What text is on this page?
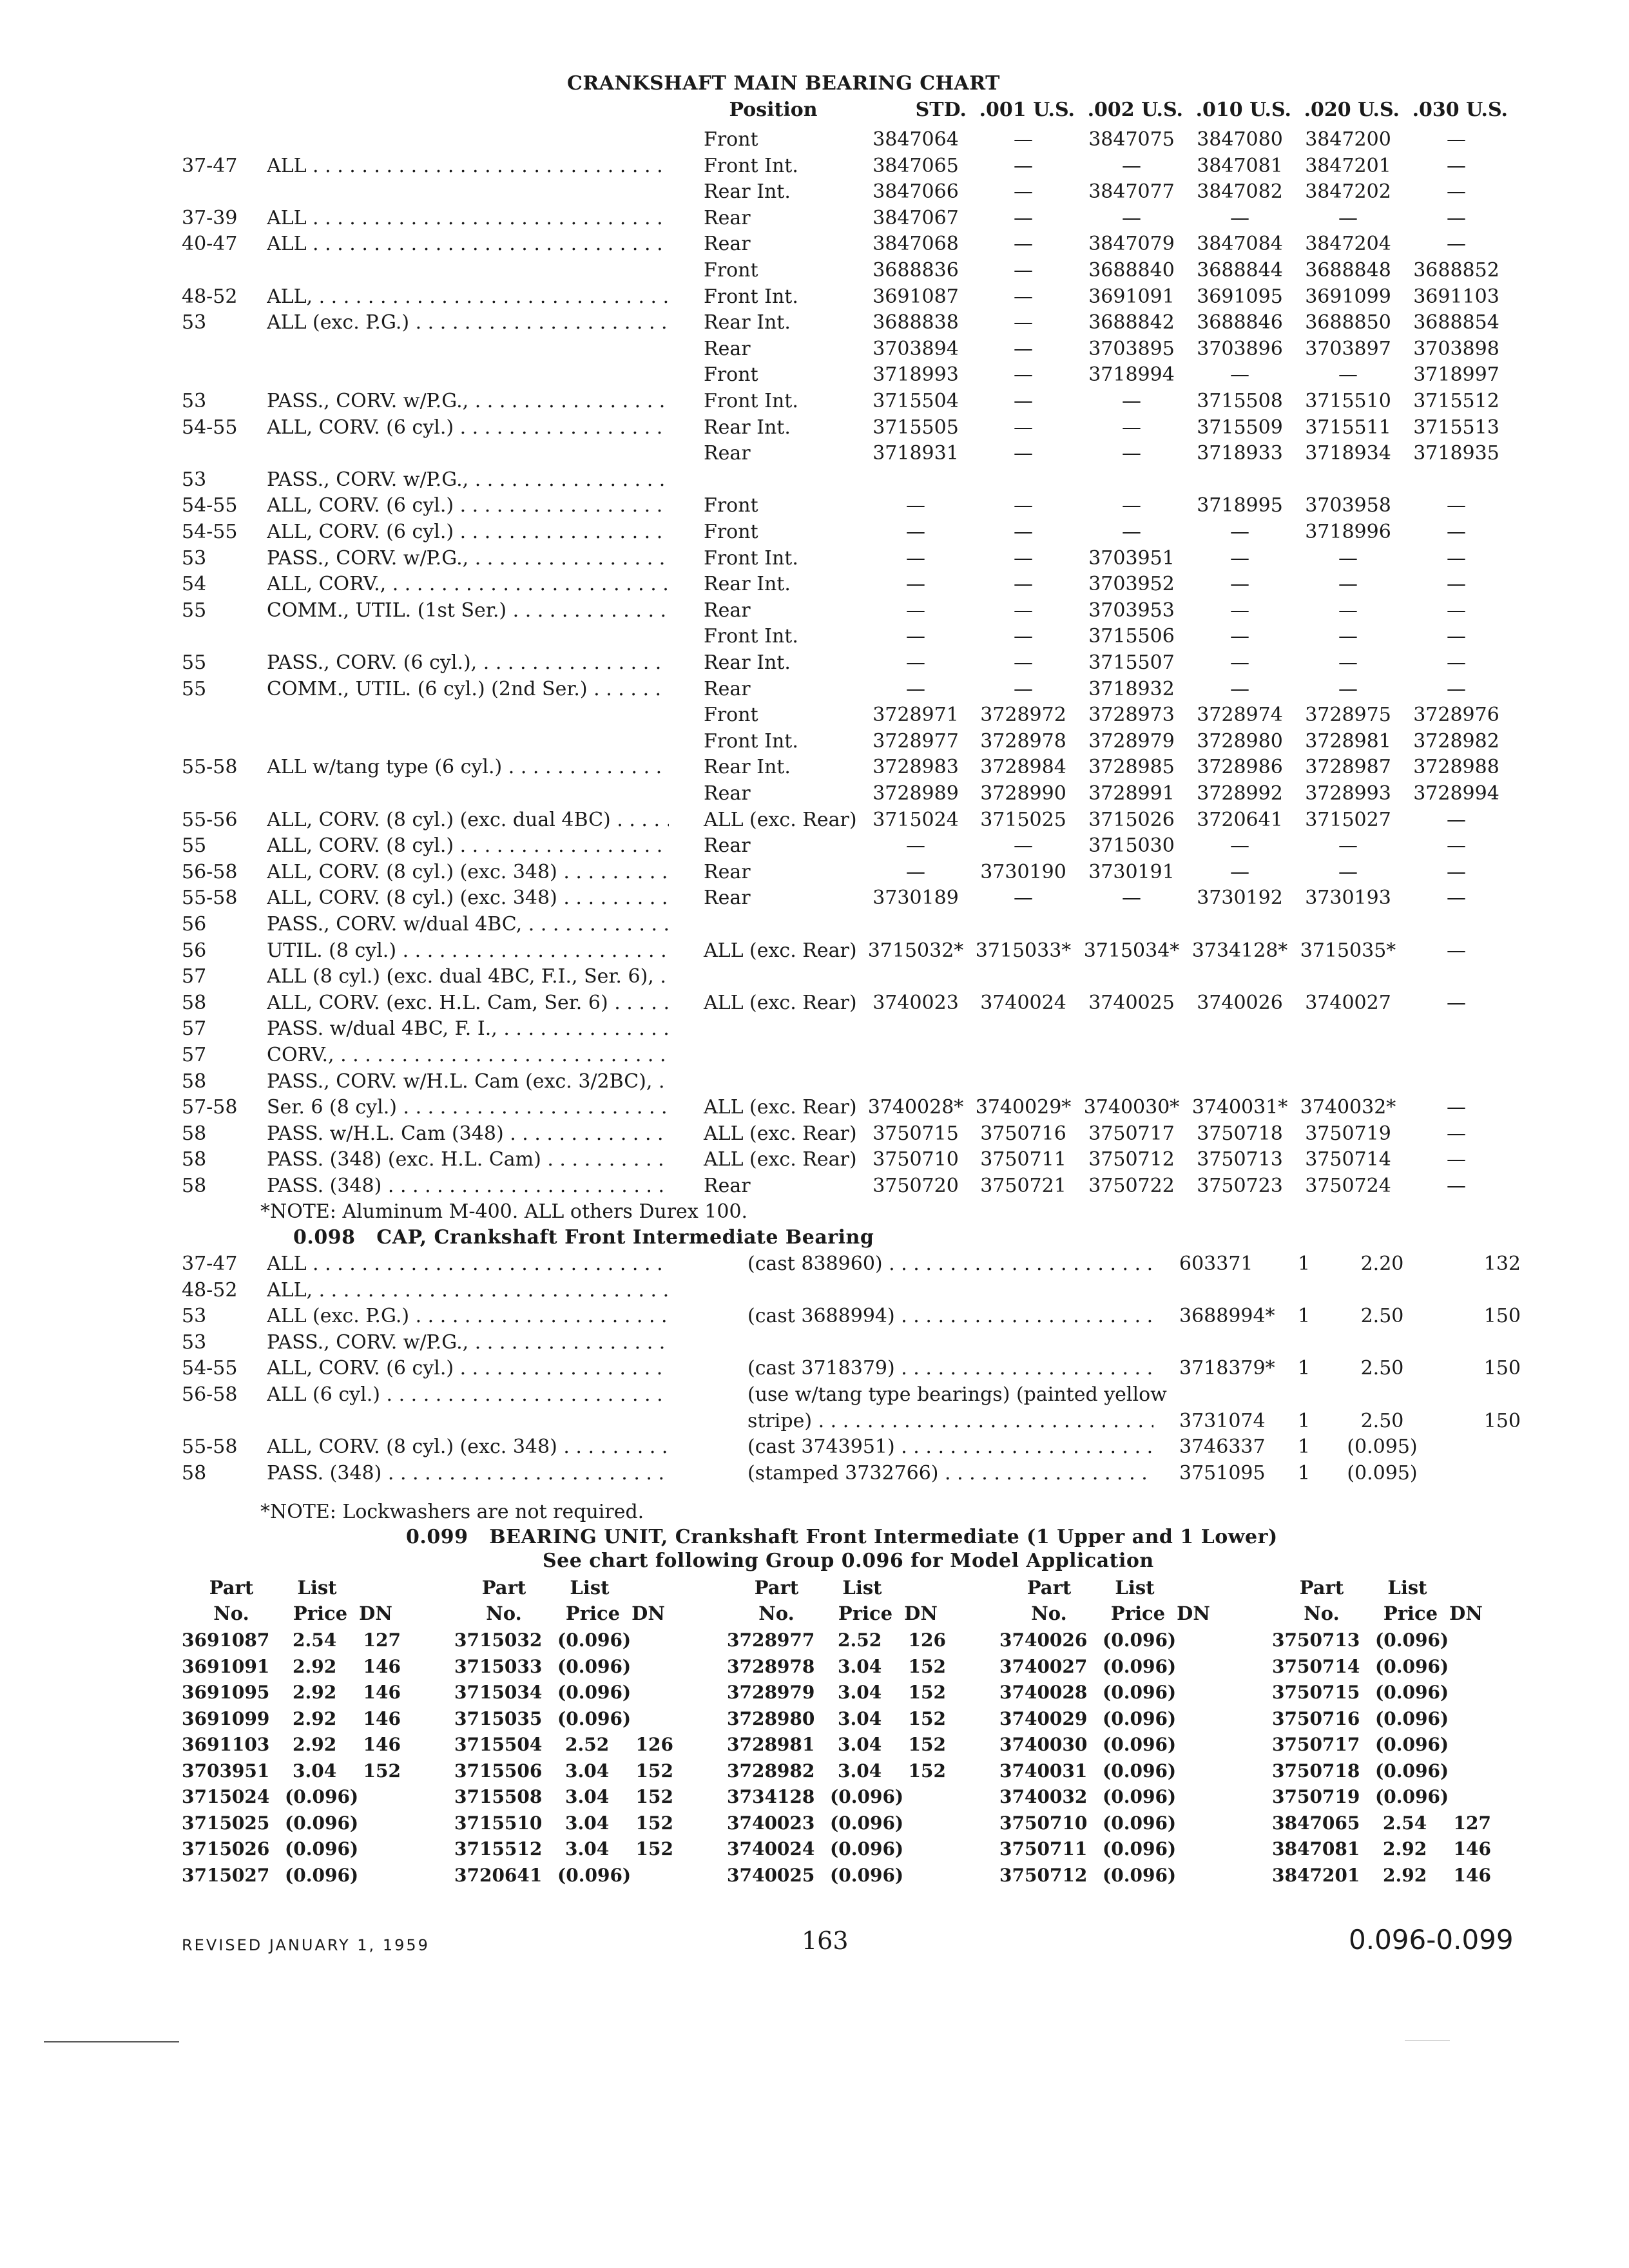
CRANKSHAFT MAIN BEARING CHART
Position	STD. .001 U.S. .002 U.S. .010 U.S. .020 U.S. .030 U.S.
Front	3847064	—	3847075	3847080	3847200	—
37-47 ALL . . .	Front Int.	3847065	—	—	3847081	3847201	—
Rear Int.	3847066	—	3847077	3847082	3847202	—
37-39 ALL . . .	Rear	3847067	—	—	—	—	—
40-47 ALL . . .	Rear	3847068	—	3847079	3847084	3847204	—
Front	3688836	—	3688840	3688844	3688848	3688852
48-52 ALL, . . .	Front Int.	3691087	—	3691091	3691095	3691099	3691103
53	ALL (exc. P.G.) . . .	Rear Int.	3688838	—	3688842	3688846	3688850	3688854
Rear	3703894	—	3703895	3703896	3703897	3703898
Front	3718993	—	3718994	—	—	3718997
53	PASS., CORV. w/P.G., . . .	Front Int.	3715504	—	—	3715508	3715510	3715512
54-55 ALL, CORV. (6 cyl.) . . .	Rear Int.	3715505	—	—	3715509	3715511	3715513
Rear	3718931	—	—	3718933	3718934	3718935
53	PASS., CORV. w/P.G., . . .
54-55 ALL, CORV. (6 cyl.) . . .	Front	—	—	—	3718995	3703958	—
54-55 ALL, CORV. (6 cyl.) . . .	Front	—	—	—	—	3718996	—
53	PASS., CORV. w/P.G., . . .	Front Int.	—	—	3703951	—	—	—
54	ALL, CORV., . . .	Rear Int.	—	—	3703952	—	—	—
55	COMM., UTIL. (1st Ser.) . . .	Rear	—	—	3703953	—	—	—
Front Int.	—	—	3715506	—	—	—
55	PASS., CORV. (6 cyl.), . . .	Rear Int.	—	—	3715507	—	—	—
55	COMM., UTIL. (6 cyl.) (2nd Ser.) . . .	Rear	—	—	3718932	—	—	—
Front	3728971	3728972	3728973	3728974	3728975	3728976
Front Int.	3728977	3728978	3728979	3728980	3728981	3728982
55-58 ALL w/tang type (6 cyl.) . . .	Rear Int.	3728983	3728984	3728985	3728986	3728987	3728988
Rear	3728989	3728990	3728991	3728992	3728993	3728994
55-56 ALL, CORV. (8 cyl.) (exc. dual 4BC) . . .	ALL (exc. Rear) 3715024	3715025	3715026	3720641	3715027	—
55	ALL, CORV. (8 cyl.) . . .	Rear	—	—	3715030	—	—	—
56-58 ALL, CORV. (8 cyl.) (exc. 348) . . .	Rear	—	3730190	3730191	—	—	—
55-58 ALL, CORV. (8 cyl.) (exc. 348) . . .	Rear	3730189	—	—	3730192	3730193	—
56	PASS., CORV. w/dual 4BC, . . .
56	UTIL. (8 cyl.) . . .	ALL (exc. Rear) 3715032* 3715033* 3715034* 3734128* 3715035*	—
57	ALL (8 cyl.) (exc. dual 4BC, F.I., Ser. 6), . . .
58	ALL, CORV. (exc. H.L. Cam, Ser. 6) . . .	ALL (exc. Rear) 3740023	3740024	3740025	3740026	3740027	—
57	PASS. w/dual 4BC, F. I., . . .
57	CORV., . . .
58	PASS., CORV. w/H.L. Cam (exc. 3/2BC), . . .
57-58 Ser. 6 (8 cyl.) . . .	ALL (exc. Rear) 3740028* 3740029* 3740030* 3740031* 3740032*	—
58	PASS. w/H.L. Cam (348) . . .	ALL (exc. Rear) 3750715	3750716	3750717	3750718	3750719	—
58	PASS. (348) (exc. H.L. Cam) . . .	ALL (exc. Rear) 3750710	3750711	3750712	3750713	3750714	—
58	PASS. (348) . . .	Rear	3750720	3750721	3750722	3750723	3750724	—
*NOTE: Aluminum M-400. ALL others Durex 100.
0.098 CAP, Crankshaft Front Intermediate Bearing
37-47 ALL . . .	(cast 838960) . . .	603371 1	2.20	132
48-52 ALL, . . .
53	ALL (exc. P.G.) . . .	(cast 3688994) . . .	3688994* 1	2.50	150
53	PASS., CORV. w/P.G., . . .
54-55 ALL, CORV. (6 cyl.) . . .	(cast 3718379) . . .	3718379* 1	2.50	150
56-58 ALL (6 cyl.) . . .	(use w/tang type bearings) (painted yellow
stripe) . . .	3731074 1	2.50	150
55-58 ALL, CORV. (8 cyl.) (exc. 348) . . .	(cast 3743951) . . .	3746337 1	(0.095)
58	PASS. (348) . . .	(stamped 3732766) . . .	3751095 1	(0.095)
*NOTE: Lockwashers are not required.
0.099 BEARING UNIT, Crankshaft Front Intermediate (1 Upper and 1 Lower)
See chart following Group 0.096 for Model Application
Part
No.
List
Price DN
3691087 2.54	127
3691091 2.92	146
3691095 2.92	146
3691099 2.92	146
3691103 2.92	146
3703951 3.04	152
3715024 (0.096)
3715025 (0.096)
3715026 (0.096)
3715027 (0.096)
Part
No.
List
Price DN
3715032 (0.096)
3715033 (0.096)
3715034 (0.096)
3715035 (0.096)
3715504 2.52	126
3715506 3.04	152
3715508 3.04	152
3715510 3.04	152
3715512 3.04	152
3720641 (0.096)
Part
No.
List
Price DN
3728977 2.52	126
3728978 3.04	152
3728979 3.04	152
3728980 3.04	152
3728981 3.04	152
3728982 3.04	152
3734128 (0.096)
3740023 (0.096)
3740024 (0.096)
3740025 (0.096)
Part
No.
List
Price DN
3740026 (0.096)
3740027 (0.096)
3740028 (0.096)
3740029 (0.096)
3740030 (0.096)
3740031 (0.096)
3740032 (0.096)
3750710 (0.096)
3750711 (0.096)
3750712 (0.096)
Part
No.
List
Price DN
3750713 (0.096)
3750714 (0.096)
3750715 (0.096)
3750716 (0.096)
3750717 (0.096)
3750718 (0.096)
3750719 (0.096)
3847065 2.54	127
3847081 2.92	146
3847201 2.92	146
REVISED JANUARY 1, 1959	163	0.096-0.099
